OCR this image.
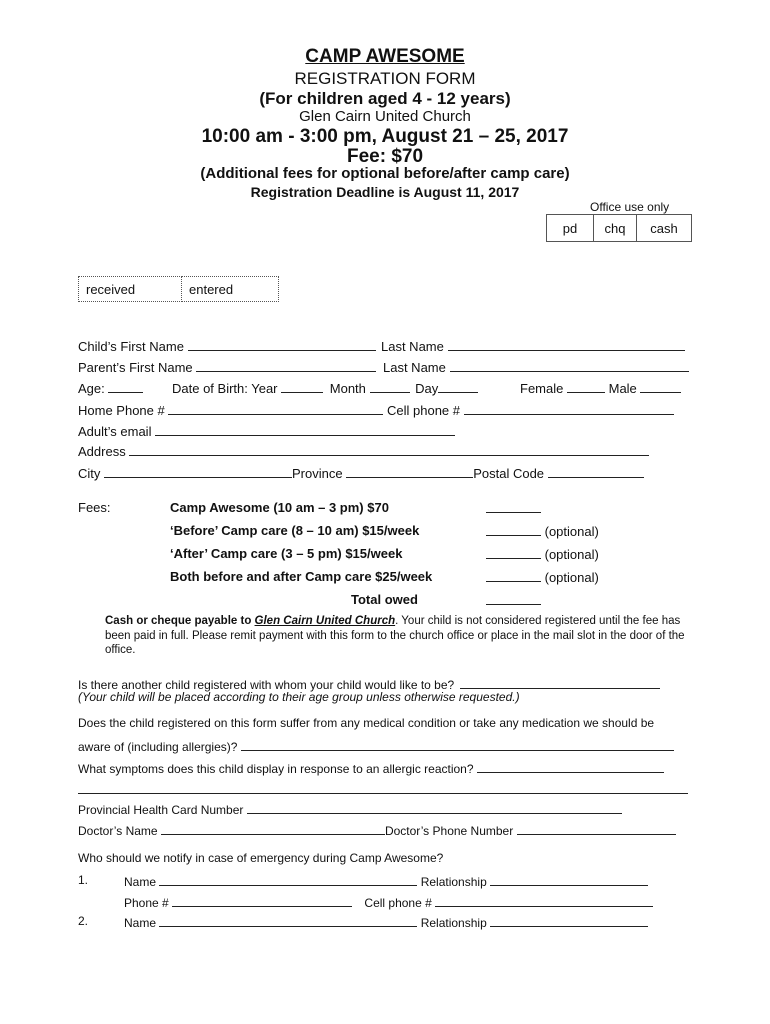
CAMP AWESOME
REGISTRATION FORM
(For children aged 4 - 12 years)
Glen Cairn United Church
10:00 am - 3:00 pm, August 21 – 25, 2017
Fee: $70
(Additional fees for optional before/after camp care)
Registration Deadline is August 11, 2017
Office use only
pd	chq	cash
received	entered
Child’s First Name	Last Name
Parent’s First Name	Last Name
Age:	Date of Birth: Year	Month	Day	Female	Male
Home Phone #	Cell phone #
Adult’s email
Address
City	Province	Postal Code
Fees:	Camp Awesome (10 am – 3 pm) $70
‘Before’ Camp care (8 – 10 am) $15/week	(optional)
‘After’ Camp care (3 – 5 pm) $15/week	(optional)
Both before and after Camp care $25/week	(optional)
Total owed
Cash or cheque payable to Glen Cairn United Church. Your child is not considered registered until the fee has been paid in full. Please remit payment with this form to the church office or place in the mail slot in the door of the office.
Is there another child registered with whom your child would like to be?
(Your child will be placed according to their age group unless otherwise requested.)
Does the child registered on this form suffer from any medical condition or take any medication we should be
aware of (including allergies)?
What symptoms does this child display in response to an allergic reaction?
Provincial Health Card Number
Doctor’s Name	Doctor’s Phone Number
Who should we notify in case of emergency during Camp Awesome?
1.	Name	Relationship
Phone #	Cell phone #
2.	Name	Relationship
